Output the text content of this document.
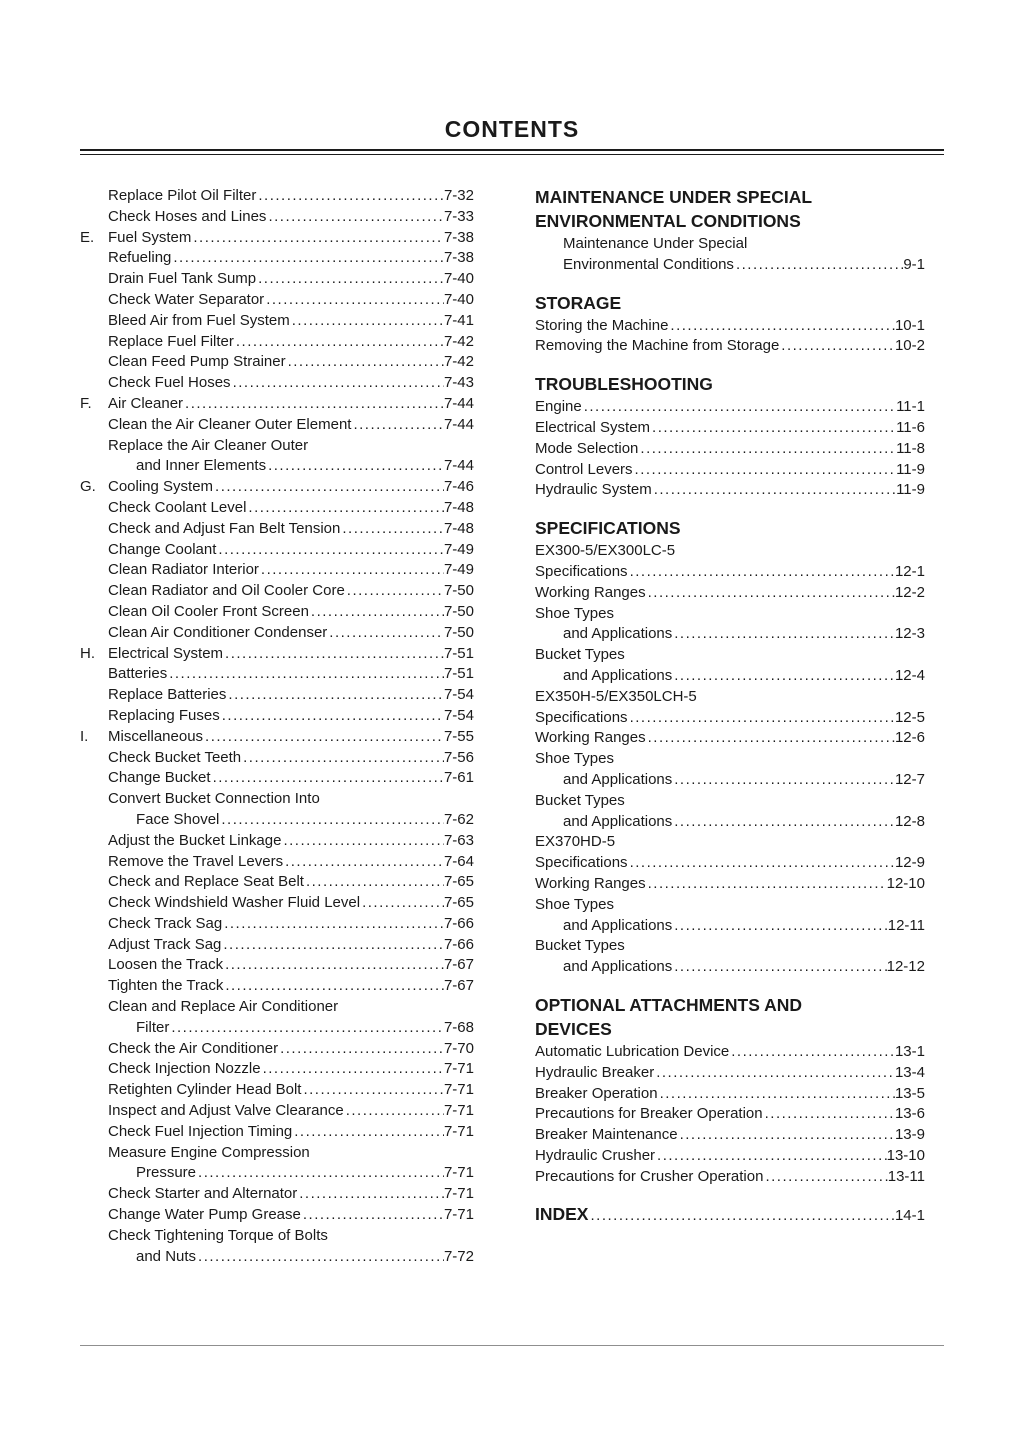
CONTENTS
Replace Pilot Oil Filter .....	7-32
Check Hoses and Lines .....	7-33
E. Fuel System .....	7-38
Refueling .....	7-38
Drain Fuel Tank Sump .....	7-40
Check Water Separator .....	7-40
Bleed Air from Fuel System .....	7-41
Replace Fuel Filter .....	7-42
Clean Feed Pump Strainer .....	7-42
Check Fuel Hoses .....	7-43
F.	Air Cleaner .....	7-44
Clean the Air Cleaner Outer Element .....	7-44
Replace the Air Cleaner Outer
and Inner Elements .....	7-44
G. Cooling System .....	7-46
Check Coolant Level .....	7-48
Check and Adjust Fan Belt Tension .....	7-48
Change Coolant .....	7-49
Clean Radiator Interior .....	7-49
Clean Radiator and Oil Cooler Core .....	7-50
Clean Oil Cooler Front Screen .....	7-50
Clean Air Conditioner Condenser .....	7-50
H. Electrical System .....	7-51
Batteries .....	7-51
Replace Batteries .....	7-54
Replacing Fuses .....	7-54
I.	Miscellaneous .....	7-55
Check Bucket Teeth .....	7-56
Change Bucket .....	7-61
Convert Bucket Connection Into
Face Shovel .....	7-62
Adjust the Bucket Linkage .....	7-63
Remove the Travel Levers .....	7-64
Check and Replace Seat Belt .....	7-65
Check Windshield Washer Fluid Level .....	7-65
Check Track Sag .....	7-66
Adjust Track Sag .....	7-66
Loosen the Track .....	7-67
Tighten the Track .....	7-67
Clean and Replace Air Conditioner
Filter .....	7-68
Check the Air Conditioner .....	7-70
Check Injection Nozzle .....	7-71
Retighten Cylinder Head Bolt .....	7-71
Inspect and Adjust Valve Clearance .....	7-71
Check Fuel Injection Timing .....	7-71
Measure Engine Compression
Pressure .....	7-71
Check Starter and Alternator .....	7-71
Change Water Pump Grease .....	7-71
Check Tightening Torque of Bolts
and Nuts .....	7-72
MAINTENANCE UNDER SPECIAL
ENVIRONMENTAL CONDITIONS
Maintenance Under Special
Environmental Conditions .....	9-1
STORAGE
Storing the Machine .....	10-1
Removing the Machine from Storage .....	10-2
TROUBLESHOOTING
Engine .....	11-1
Electrical System .....	11-6
Mode Selection .....	11-8
Control Levers .....	11-9
Hydraulic System .....	11-9
SPECIFICATIONS
EX300-5/EX300LC-5
Specifications .....	12-1
Working Ranges .....	12-2
Shoe Types
and Applications .....	12-3
Bucket Types
and Applications .....	12-4
EX350H-5/EX350LCH-5
Specifications .....	12-5
Working Ranges .....	12-6
Shoe Types
and Applications .....	12-7
Bucket Types
and Applications .....	12-8
EX370HD-5
Specifications .....	12-9
Working Ranges .....	12-10
Shoe Types
and Applications .....	12-11
Bucket Types
and Applications .....	12-12
OPTIONAL ATTACHMENTS AND
DEVICES
Automatic Lubrication Device .....	13-1
Hydraulic Breaker .....	13-4
Breaker Operation .....	13-5
Precautions for Breaker Operation .....	13-6
Breaker Maintenance .....	13-9
Hydraulic Crusher .....	13-10
Precautions for Crusher Operation .....	13-11
INDEX .....	14-1
